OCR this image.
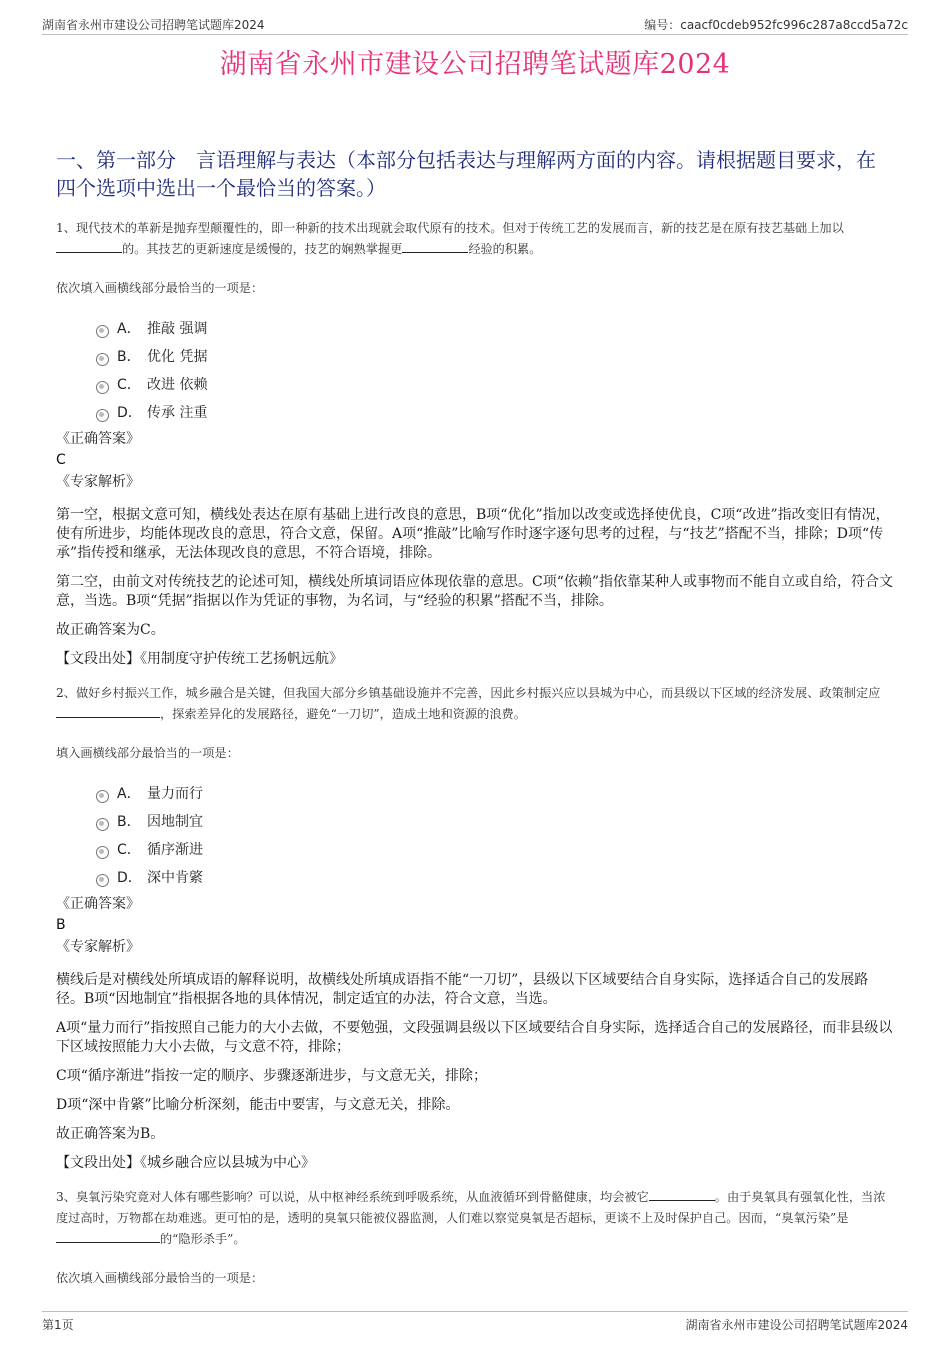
湖南省永州市建设公司招聘笔试题库2024	编号：caacf0cdeb952fc996c287a8ccd5a72c
湖南省永州市建设公司招聘笔试题库2024
一、第一部分　言语理解与表达（本部分包括表达与理解两方面的内容。请根据题目要求，在四个选项中选出一个最恰当的答案。）

1、现代技术的革新是抛弃型颠覆性的，即一种新的技术出现就会取代原有的技术。但对于传统工艺的发展而言，新的技艺是在原有技艺基础上加以的。其技艺的更新速度是缓慢的，技艺的娴熟掌握更	经验的积累。

依次填入画横线部分最恰当的一项是：
A． 推敲 强调
B． 优化 凭据
C． 改进 依赖
D． 传承 注重
《正确答案》
C
《专家解析》

第一空，根据文意可知，横线处表达在原有基础上进行改良的意思，B项“优化”指加以改变或选择使优良，C项“改进”指改变旧有情况，使有所进步，均能体现改良的意思，符合文意，保留。A项“推敲”比喻写作时逐字逐句思考的过程，与“技艺”搭配不当，排除；D项“传承”指传授和继承，无法体现改良的意思，不符合语境，排除。

第二空，由前文对传统技艺的论述可知，横线处所填词语应体现依靠的意思。C项“依赖”指依靠某种人或事物而不能自立或自给，符合文意，当选。B项“凭据”指据以作为凭证的事物，为名词，与“经验的积累”搭配不当，排除。

故正确答案为C。

【文段出处】《用制度守护传统工艺扬帆远航》

2、做好乡村振兴工作，城乡融合是关键，但我国大部分乡镇基础设施并不完善，因此乡村振兴应以县城为中心，而县级以下区域的经济发展、政策制定应，探索差异化的发展路径，避免“一刀切”，造成土地和资源的浪费。

填入画横线部分最恰当的一项是：
A． 量力而行
B． 因地制宜
C． 循序渐进
D． 深中肯綮
《正确答案》
B
《专家解析》

横线后是对横线处所填成语的解释说明，故横线处所填成语指不能“一刀切”，县级以下区域要结合自身实际，选择适合自己的发展路径。B项“因地制宜”指根据各地的具体情况，制定适宜的办法，符合文意，当选。

A项“量力而行”指按照自己能力的大小去做，不要勉强，文段强调县级以下区域要结合自身实际，选择适合自己的发展路径，而非县级以下区域按照能力大小去做，与文意不符，排除；

C项“循序渐进”指按一定的顺序、步骤逐渐进步，与文意无关，排除；

D项“深中肯綮”比喻分析深刻，能击中要害，与文意无关，排除。

故正确答案为B。

【文段出处】《城乡融合应以县城为中心》

3、臭氧污染究竟对人体有哪些影响？可以说，从中枢神经系统到呼吸系统，从血液循环到骨骼健康，均会被它	。由于臭氧具有强氧化性，当浓度过高时，万物都在劫难逃。更可怕的是，透明的臭氧只能被仪器监测，人们难以察觉臭氧是否超标，更谈不上及时保护自己。因而，“臭氧污染”是的“隐形杀手”。

依次填入画横线部分最恰当的一项是：
第1页	湖南省永州市建设公司招聘笔试题库2024
